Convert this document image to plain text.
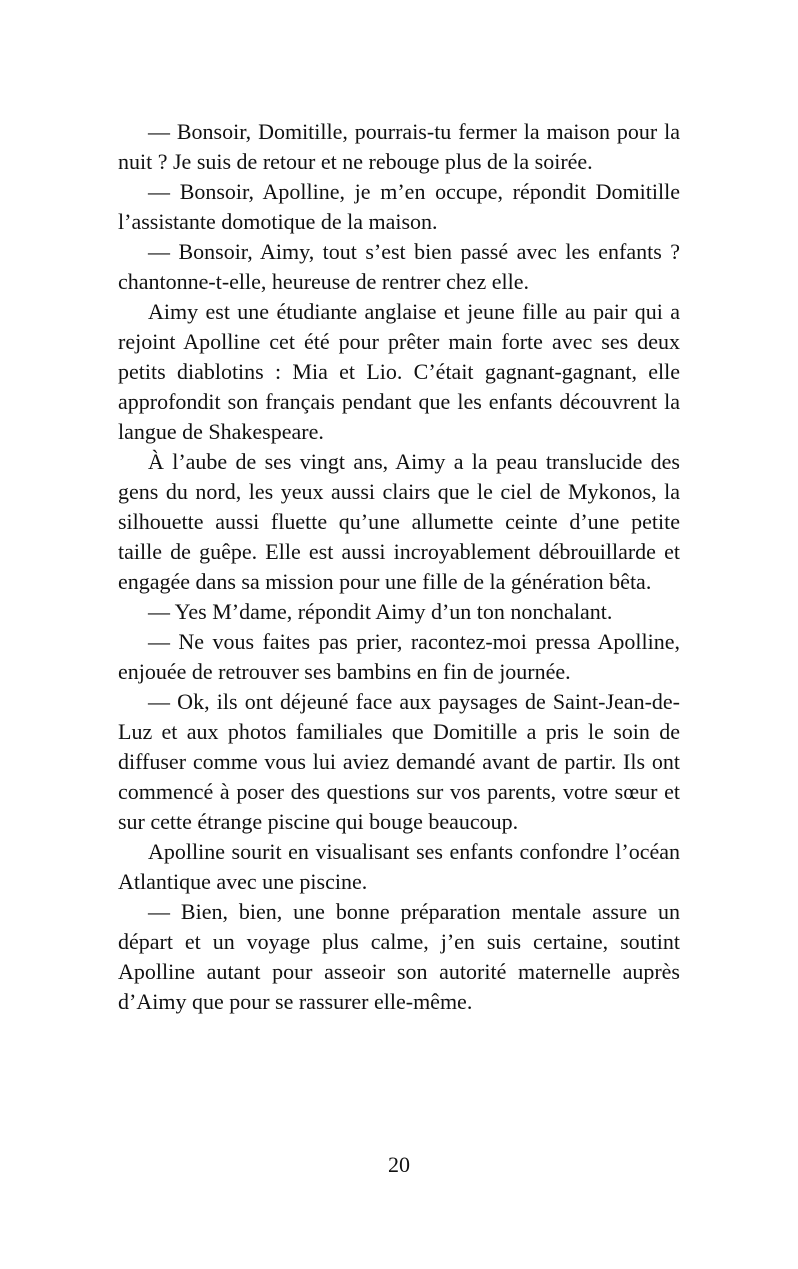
— Bonsoir, Domitille, pourrais-tu fermer la maison pour la nuit ? Je suis de retour et ne rebouge plus de la soirée.

— Bonsoir, Apolline, je m’en occupe, répondit Domitille l’assistante domotique de la maison.

— Bonsoir, Aimy, tout s’est bien passé avec les enfants ? chantonne-t-elle, heureuse de rentrer chez elle.

Aimy est une étudiante anglaise et jeune fille au pair qui a rejoint Apolline cet été pour prêter main forte avec ses deux petits diablotins : Mia et Lio. C’était gagnant-gagnant, elle approfondit son français pendant que les enfants découvrent la langue de Shakespeare.

À l’aube de ses vingt ans, Aimy a la peau translucide des gens du nord, les yeux aussi clairs que le ciel de Mykonos, la silhouette aussi fluette qu’une allumette ceinte d’une petite taille de guêpe. Elle est aussi incroyablement débrouillarde et engagée dans sa mission pour une fille de la génération bêta.

— Yes M’dame, répondit Aimy d’un ton nonchalant.

— Ne vous faites pas prier, racontez-moi pressa Apolline, enjouée de retrouver ses bambins en fin de journée.

— Ok, ils ont déjeuné face aux paysages de Saint-Jean-de-Luz et aux photos familiales que Domitille a pris le soin de diffuser comme vous lui aviez demandé avant de partir. Ils ont commencé à poser des questions sur vos parents, votre sœur et sur cette étrange piscine qui bouge beaucoup.

Apolline sourit en visualisant ses enfants confondre l’océan Atlantique avec une piscine.

— Bien, bien, une bonne préparation mentale assure un départ et un voyage plus calme, j’en suis certaine, soutint Apolline autant pour asseoir son autorité maternelle auprès d’Aimy que pour se rassurer elle-même.

20
